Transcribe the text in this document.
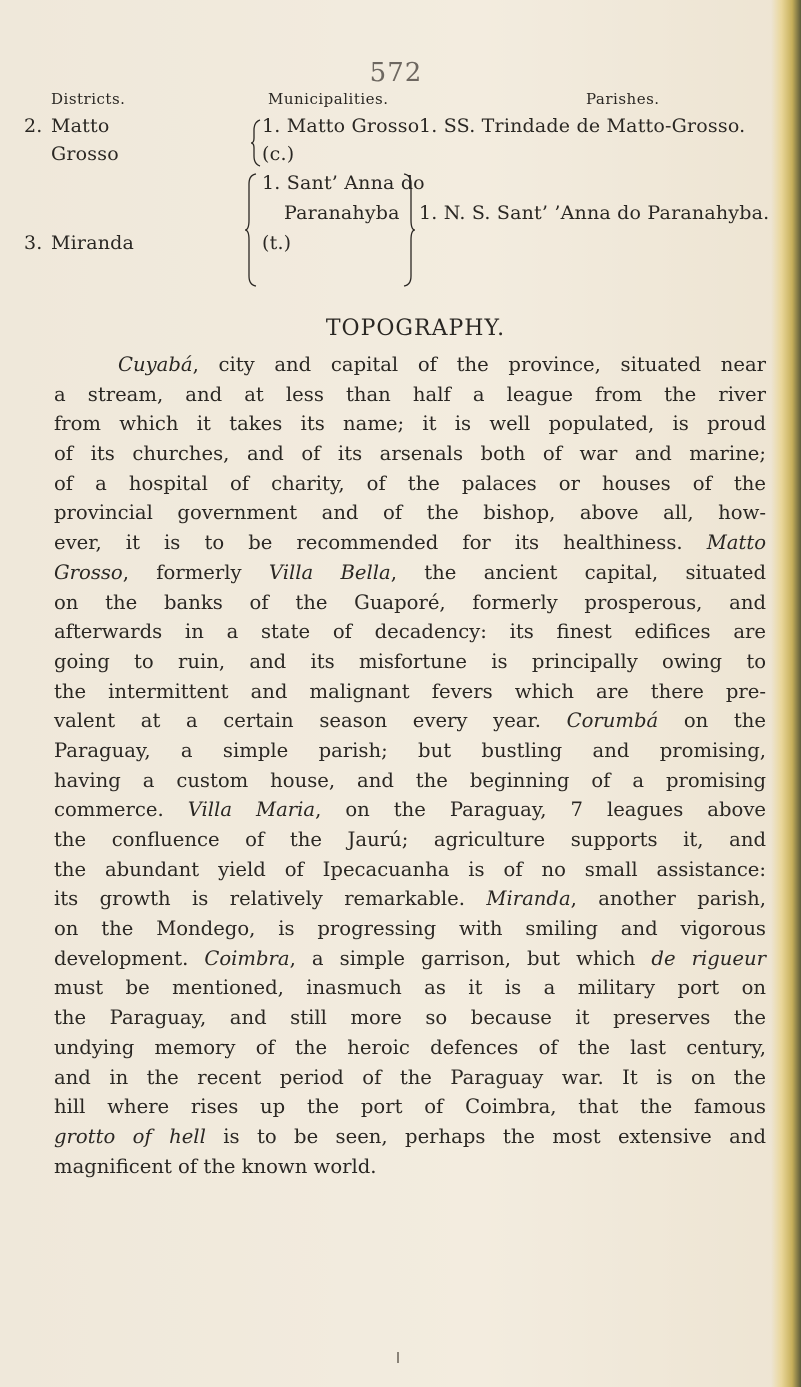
572
Districts.	Municipalities.	Parishes.
2. Matto
Grosso
1. Matto Grosso
(c.)
1. SS. Trindade de Matto-Grosso.
3. Miranda
1. Sant’ Anna do
Paranahyba
(t.)
1. N. S. Sant’ ’Anna do Paranahyba.
TOPOGRAPHY.
Cuyabá, city and capital of the province, situated near
a stream, and at less than half a league from the river
from which it takes its name; it is well populated, is proud
of its churches, and of its arsenals both of war and marine;
of a hospital of charity, of the palaces or houses of the
provincial government and of the bishop, above all, how-
ever, it is to be recommended for its healthiness. Matto
Grosso, formerly Villa Bella, the ancient capital, situated
on the banks of the Guaporé, formerly prosperous, and
afterwards in a state of decadency: its finest edifices are
going to ruin, and its misfortune is principally owing to
the intermittent and malignant fevers which are there pre-
valent at a certain season every year. Corumbá on the
Paraguay, a simple parish; but bustling and promising,
having a custom house, and the beginning of a promising
commerce. Villa Maria, on the Paraguay, 7 leagues above
the confluence of the Jaurú; agriculture supports it, and
the abundant yield of Ipecacuanha is of no small assistance:
its growth is relatively remarkable. Miranda, another parish,
on the Mondego, is progressing with smiling and vigorous
development. Coimbra, a simple garrison, but which de rigueur
must be mentioned, inasmuch as it is a military port on
the Paraguay, and still more so because it preserves the
undying memory of the heroic defences of the last century,
and in the recent period of the Paraguay war. It is on the
hill where rises up the port of Coimbra, that the famous
grotto of hell is to be seen, perhaps the most extensive and
magnificent of the known world.
